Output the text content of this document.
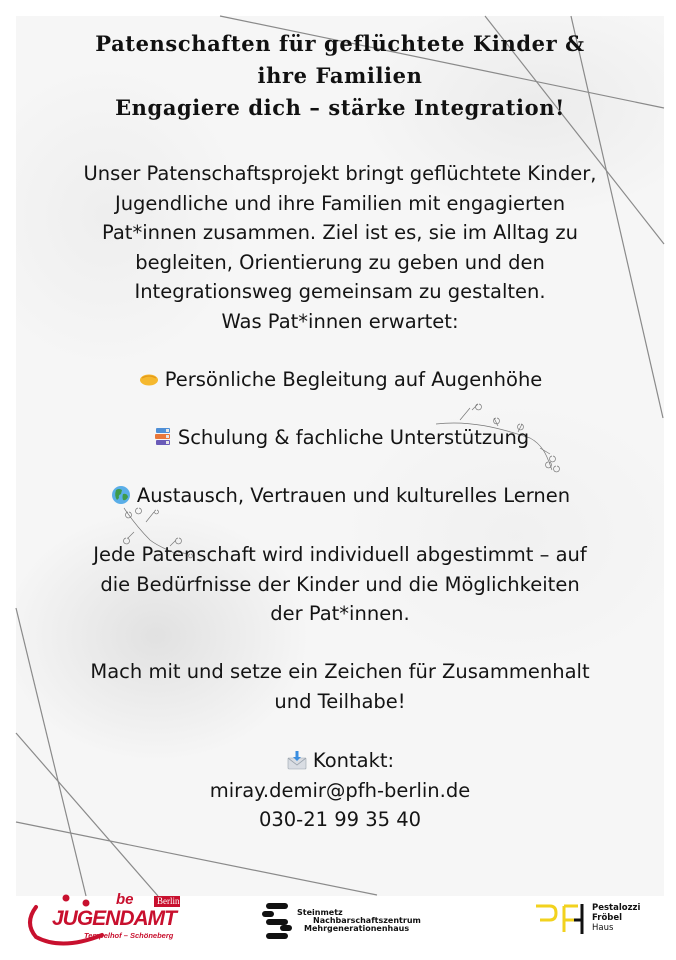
Patenschaften für geflüchtete Kinder &
ihre Familien
Engagiere dich – stärke Integration!
Unser Patenschaftsprojekt bringt geflüchtete Kinder,
Jugendliche und ihre Familien mit engagierten
Pat*innen zusammen. Ziel ist es, sie im Alltag zu
begleiten, Orientierung zu geben und den
Integrationsweg gemeinsam zu gestalten.
Was Pat*innen erwartet:
Persönliche Begleitung auf Augenhöhe
Schulung & fachliche Unterstützung
Austausch, Vertrauen und kulturelles Lernen
Jede Patenschaft wird individuell abgestimmt – auf
die Bedürfnisse der Kinder und die Möglichkeiten
der Pat*innen.
Mach mit und setze ein Zeichen für Zusammenhalt
und Teilhabe!
Kontakt:
miray.demir@pfh-berlin.de
030-21 99 35 40
be	Berlin
JUGENDAMT
Tempelhof – Schöneberg
Steinmetz
Nachbarschaftszentrum
Mehrgenerationenhaus
Pestalozzi
Fröbel
Haus
